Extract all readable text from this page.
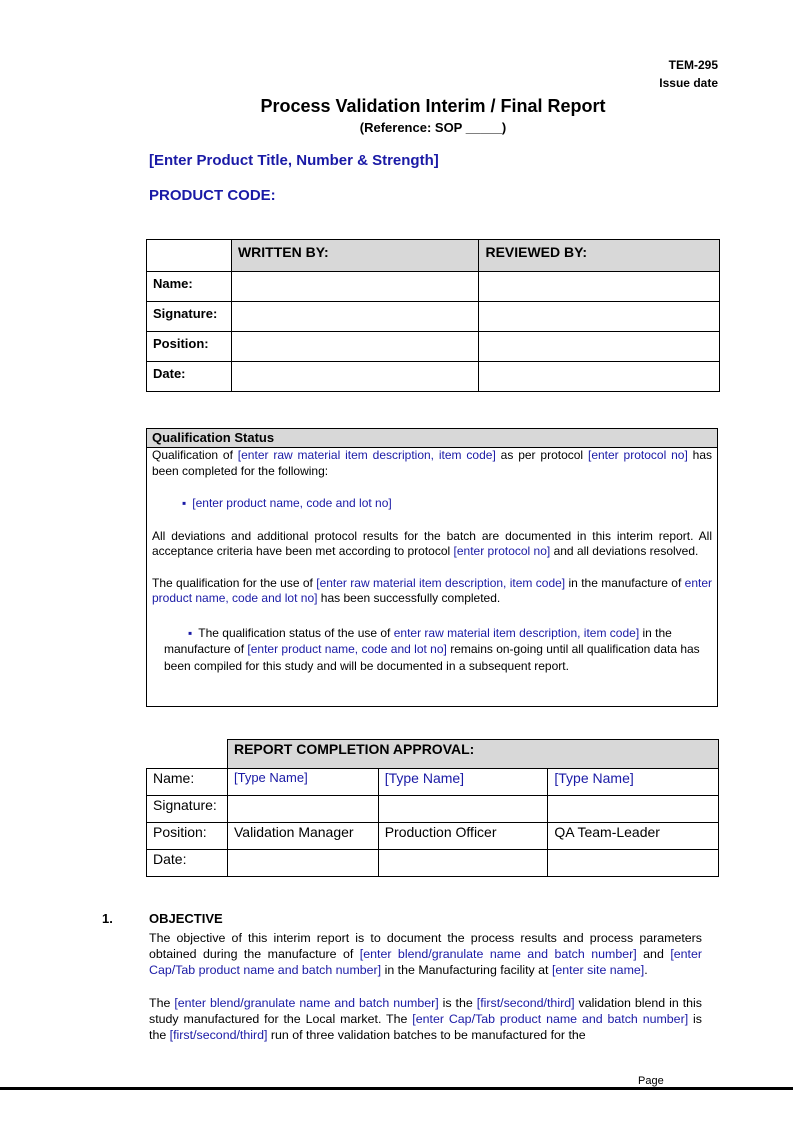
TEM-295
Issue date
Process Validation Interim / Final Report
(Reference: SOP _____)
[Enter Product Title, Number & Strength]
PRODUCT CODE:
	WRITTEN BY:	REVIEWED BY:
Name:		
Signature:		
Position:		
Date:		
Qualification Status

Qualification of [enter raw material item description, item code] as per protocol [enter protocol no] has been completed for the following:

▪ [enter product name, code and lot no]

All deviations and additional protocol results for the batch are documented in this interim report. All acceptance criteria have been met according to protocol [enter protocol no] and all deviations resolved.

The qualification for the use of [enter raw material item description, item code] in the manufacture of enter product name, code and lot no] has been successfully completed.

▪ The qualification status of the use of enter raw material item description, item code] in the manufacture of [enter product name, code and lot no] remains on-going until all qualification data has been compiled for this study and will be documented in a subsequent report.

	REPORT COMPLETION APPROVAL:		
Name:	[Type Name]	[Type Name]	[Type Name]
Signature:			
Position:	Validation Manager	Production Officer	QA Team-Leader
Date:			
1.	OBJECTIVE

The objective of this interim report is to document the process results and process parameters obtained during the manufacture of [enter blend/granulate name and batch number] and [enter Cap/Tab product name and batch number] in the Manufacturing facility at [enter site name].

The [enter blend/granulate name and batch number] is the [first/second/third] validation blend in this study manufactured for the Local market. The [enter Cap/Tab product name and batch number] is the [first/second/third] run of three validation batches to be manufactured for the

Page
